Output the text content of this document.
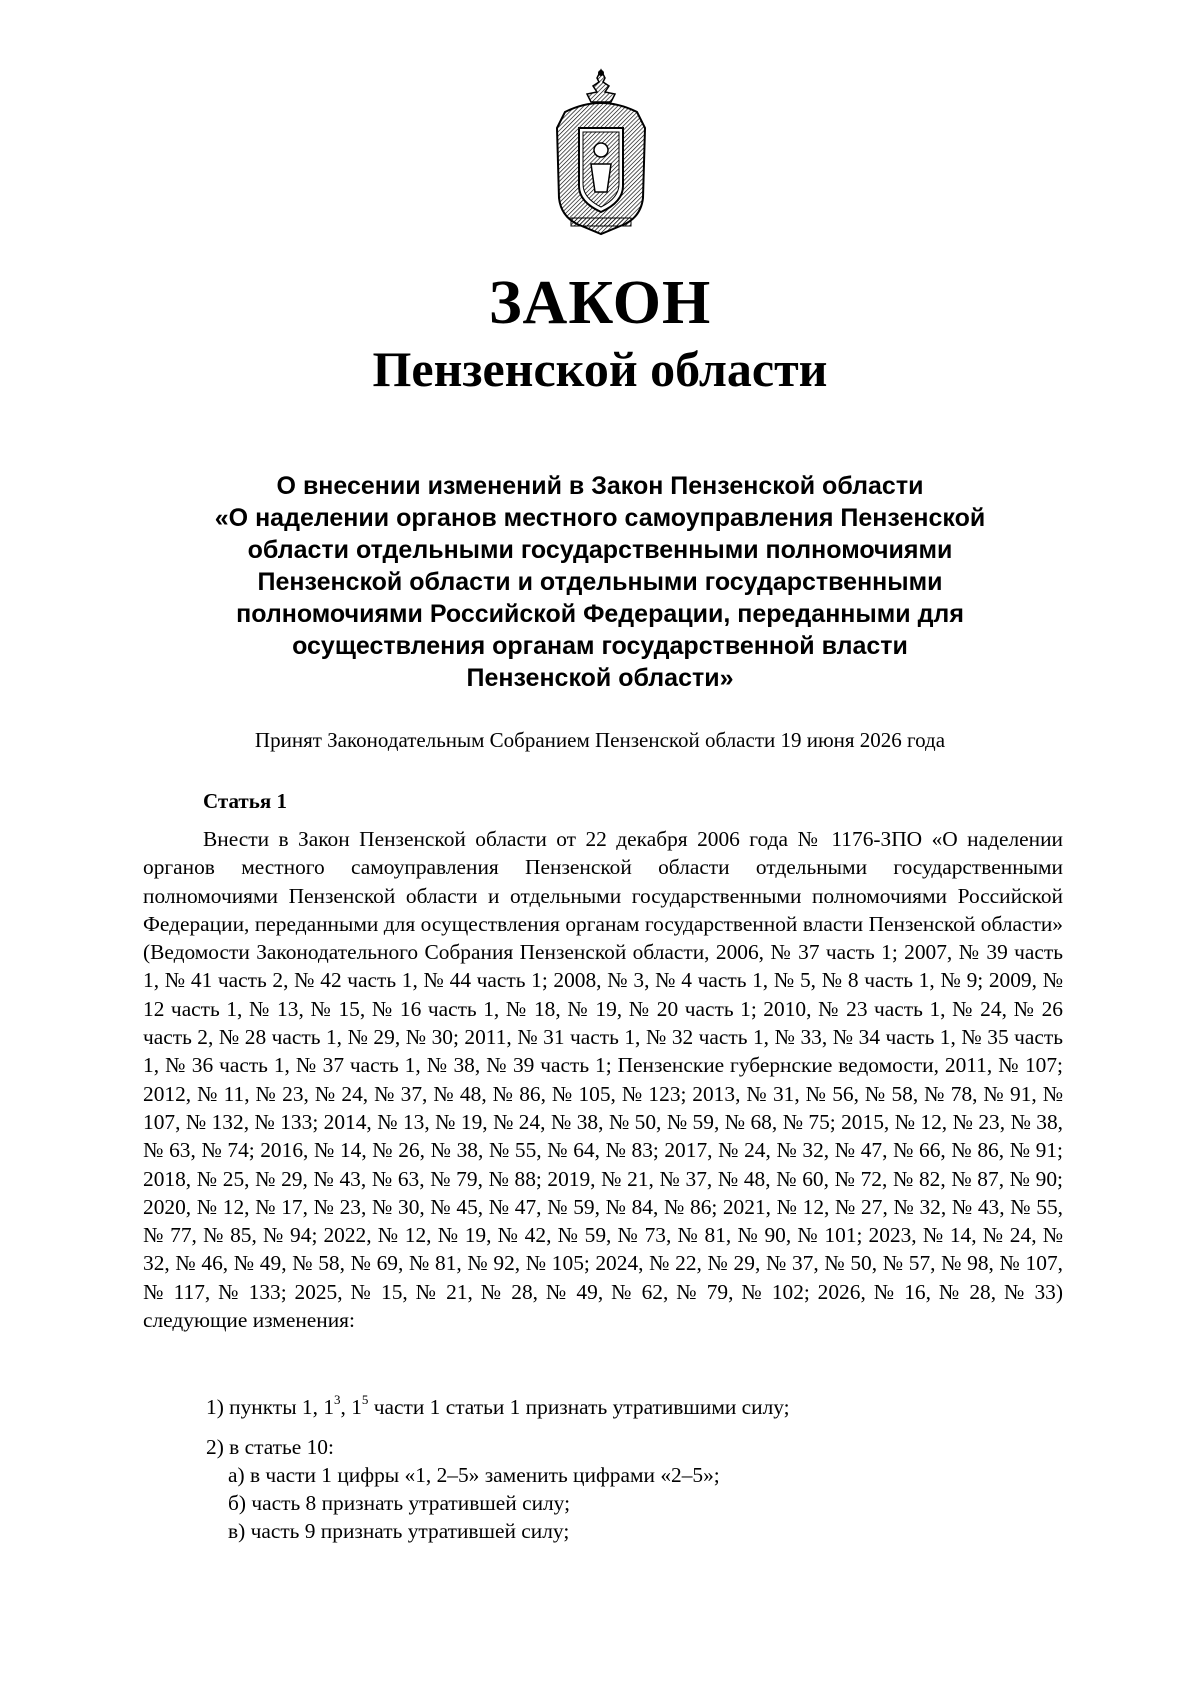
ЗАКОН
Пензенской области
О внесении изменений в Закон Пензенской области
«О наделении органов местного самоуправления Пензенской
области отдельными государственными полномочиями
Пензенской области и отдельными государственными
полномочиями Российской Федерации, переданными для
осуществления органам государственной власти
Пензенской области»
Принят Законодательным Собранием Пензенской области 19 июня 2026 года
Статья 1

Внести в Закон Пензенской области от 22 декабря 2006 года № 1176-ЗПО «О наделении органов местного самоуправления Пензенской области отдельными государственными полномочиями Пензенской области и отдельными государственными полномочиями Российской Федерации, переданными для осуществления органам государственной власти Пензенской области» (Ведомости Законодательного Собрания Пензенской области, 2006, № 37 часть 1; 2007, № 39 часть 1, № 41 часть 2, № 42 часть 1, № 44 часть 1; 2008, № 3, № 4 часть 1, № 5, № 8 часть 1, № 9; 2009, № 12 часть 1, № 13, № 15, № 16 часть 1, № 18, № 19, № 20 часть 1; 2010, № 23 часть 1, № 24, № 26 часть 2, № 28 часть 1, № 29, № 30; 2011, № 31 часть 1, № 32 часть 1, № 33, № 34 часть 1, № 35 часть 1, № 36 часть 1, № 37 часть 1, № 38, № 39 часть 1; Пензенские губернские ведомости, 2011, № 107; 2012, № 11, № 23, № 24, № 37, № 48, № 86, № 105, № 123; 2013, № 31, № 56, № 58, № 78, № 91, № 107, № 132, № 133; 2014, № 13, № 19, № 24, № 38, № 50, № 59, № 68, № 75; 2015, № 12, № 23, № 38, № 63, № 74; 2016, № 14, № 26, № 38, № 55, № 64, № 83; 2017, № 24, № 32, № 47, № 66, № 86, № 91; 2018, № 25, № 29, № 43, № 63, № 79, № 88; 2019, № 21, № 37, № 48, № 60, № 72, № 82, № 87, № 90; 2020, № 12, № 17, № 23, № 30, № 45, № 47, № 59, № 84, № 86; 2021, № 12, № 27, № 32, № 43, № 55, № 77, № 85, № 94; 2022, № 12, № 19, № 42, № 59, № 73, № 81, № 90, № 101; 2023, № 14, № 24, № 32, № 46, № 49, № 58, № 69, № 81, № 92, № 105; 2024, № 22, № 29, № 37, № 50, № 57, № 98, № 107, № 117, № 133; 2025, № 15, № 21, № 28, № 49, № 62, № 79, № 102; 2026, № 16, № 28, № 33) следующие изменения:

1) пункты 1, $1^3$, $1^5$ части 1 статьи 1 признать утратившими силу;
2) в статье 10:
а) в части 1 цифры «1, 2–5» заменить цифрами «2–5»;
б) часть 8 признать утратившей силу;
в) часть 9 признать утратившей силу;
